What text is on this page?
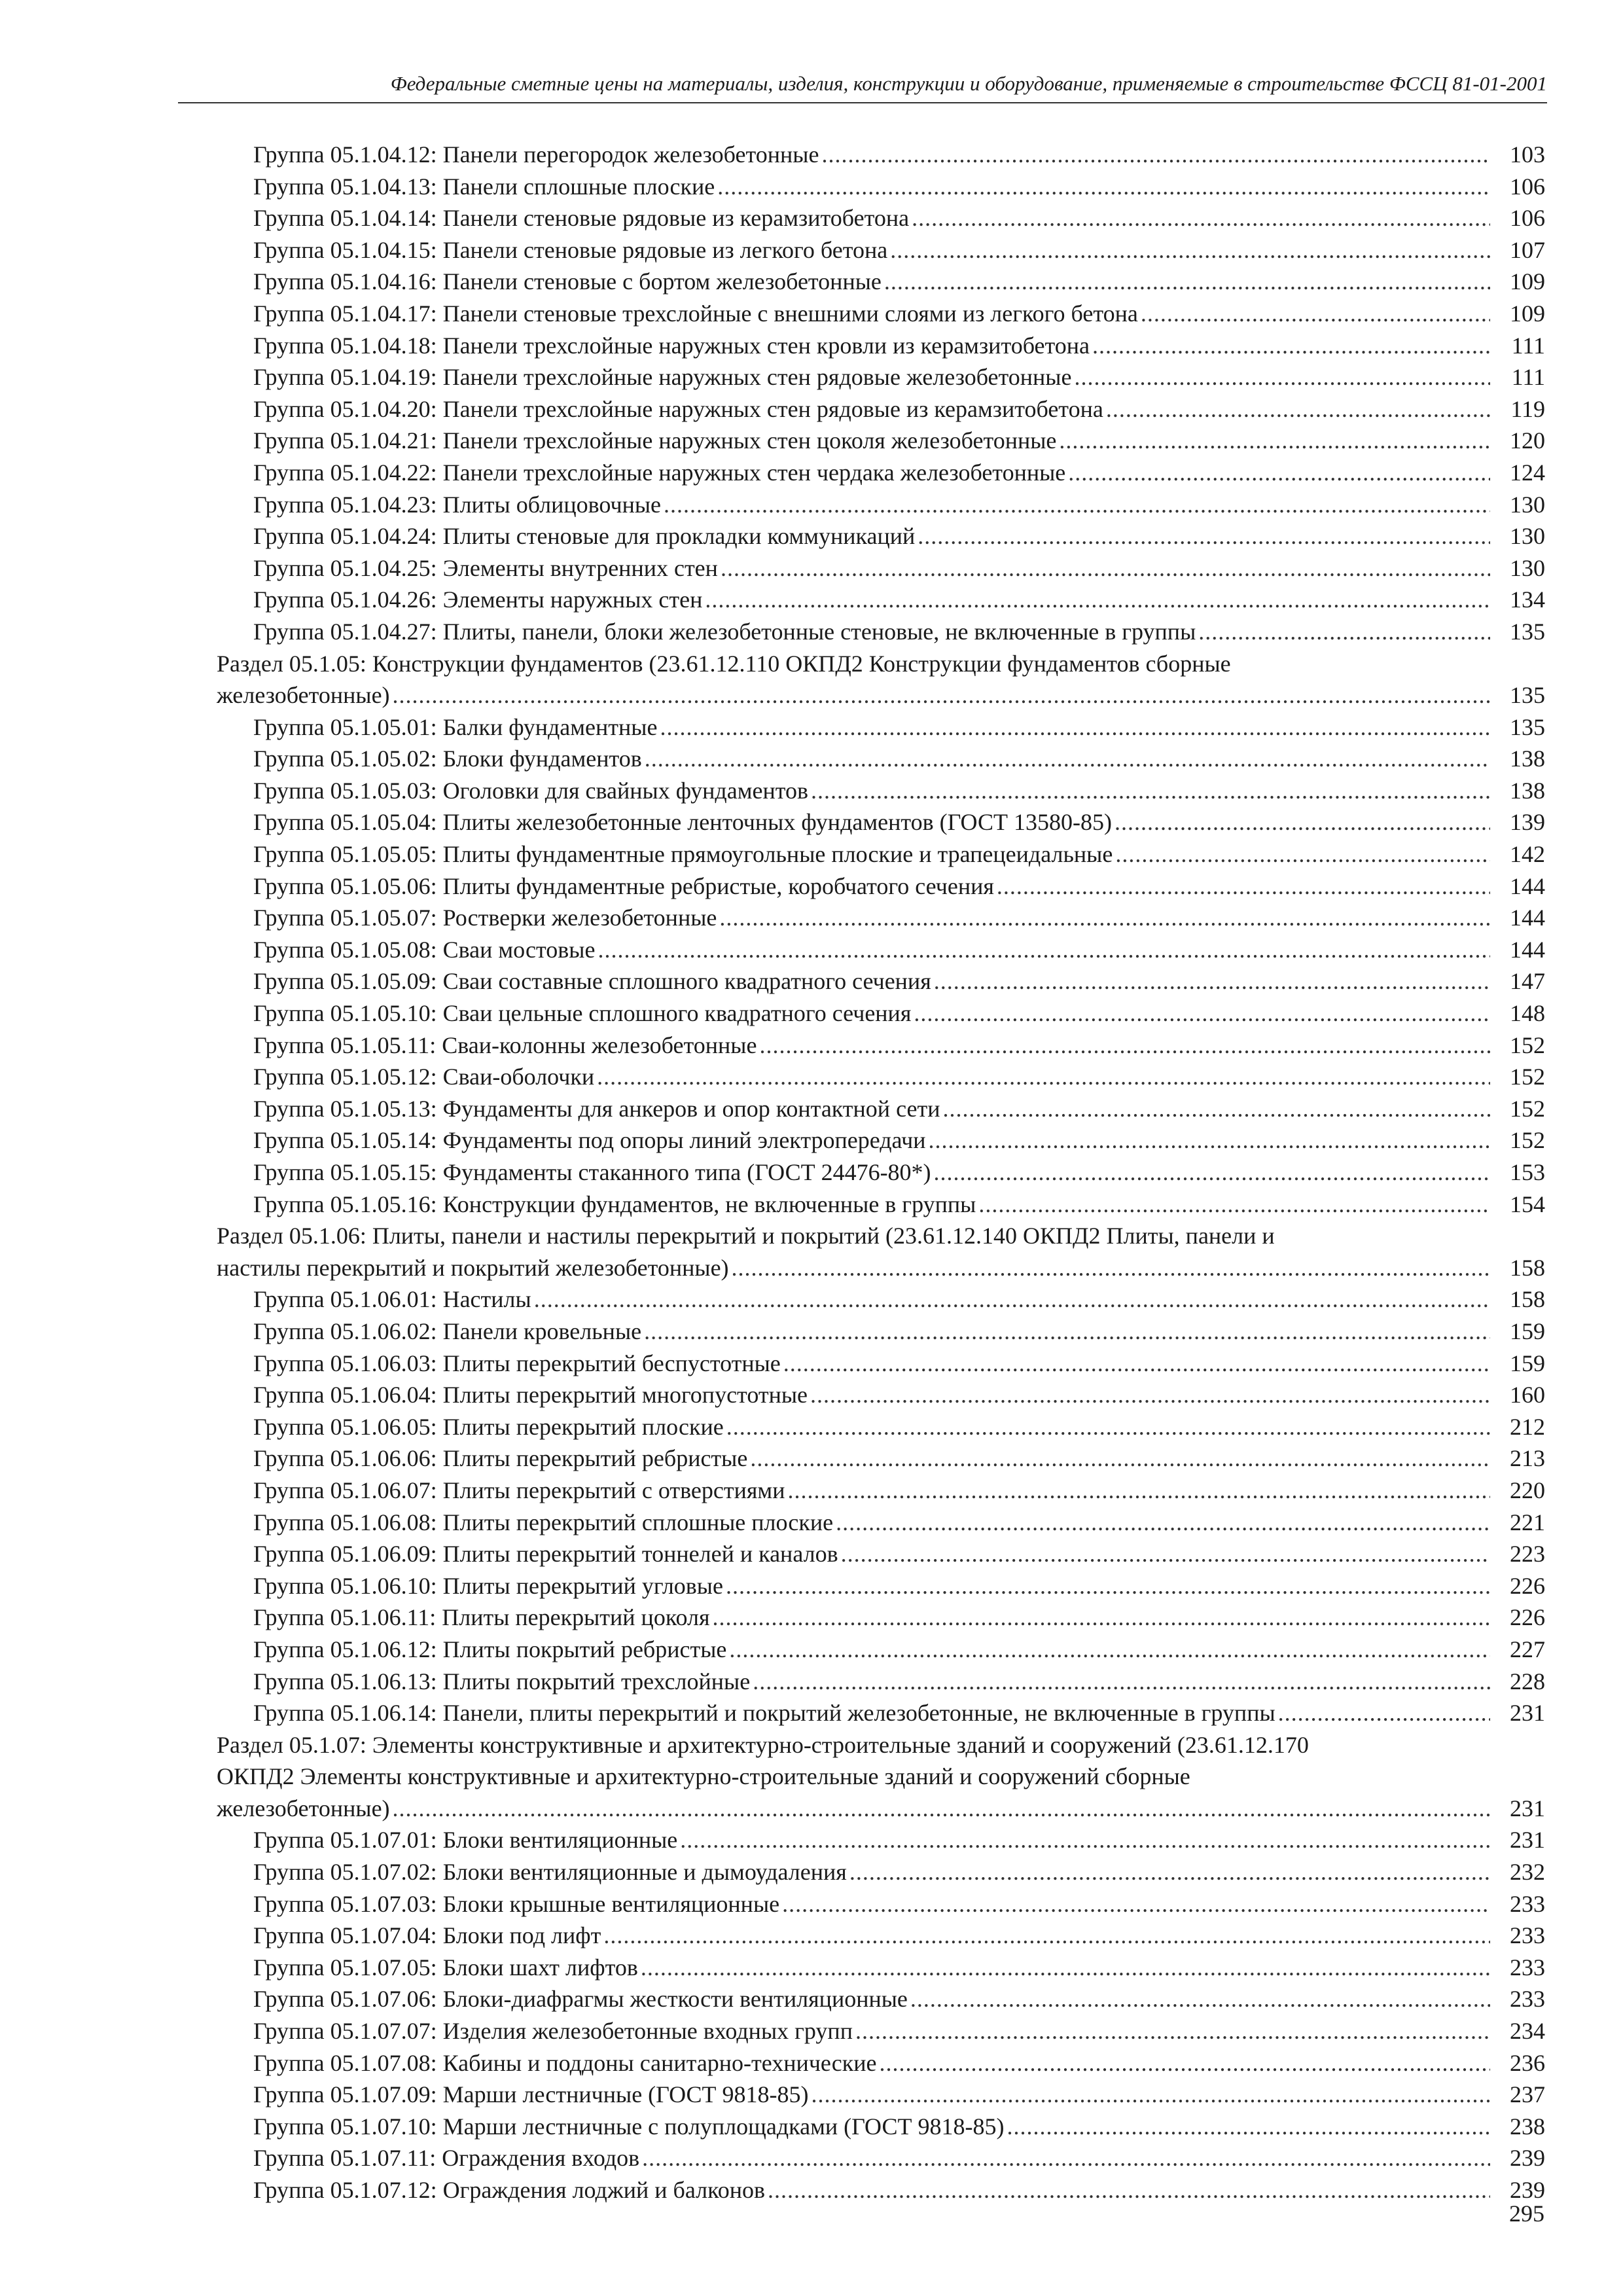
Федеральные сметные цены на материалы, изделия, конструкции и оборудование, применяемые в строительстве ФССЦ 81-01-2001
Группа 05.1.04.12: Панели перегородок железобетонные .....	103
Группа 05.1.04.13: Панели сплошные плоские .....	106
Группа 05.1.04.14: Панели стеновые рядовые из керамзитобетона .....	106
Группа 05.1.04.15: Панели стеновые рядовые из легкого бетона .....	107
Группа 05.1.04.16: Панели стеновые с бортом железобетонные .....	109
Группа 05.1.04.17: Панели стеновые трехслойные с внешними слоями из легкого бетона .....	109
Группа 05.1.04.18: Панели трехслойные наружных стен кровли из керамзитобетона .....	111
Группа 05.1.04.19: Панели трехслойные наружных стен рядовые железобетонные .....	111
Группа 05.1.04.20: Панели трехслойные наружных стен рядовые из керамзитобетона .....	119
Группа 05.1.04.21: Панели трехслойные наружных стен цоколя железобетонные .....	120
Группа 05.1.04.22: Панели трехслойные наружных стен чердака железобетонные .....	124
Группа 05.1.04.23: Плиты облицовочные .....	130
Группа 05.1.04.24: Плиты стеновые для прокладки коммуникаций .....	130
Группа 05.1.04.25: Элементы внутренних стен .....	130
Группа 05.1.04.26: Элементы наружных стен .....	134
Группа 05.1.04.27: Плиты, панели, блоки железобетонные стеновые, не включенные в группы .....	135
Раздел 05.1.05: Конструкции фундаментов (23.61.12.110 ОКПД2 Конструкции фундаментов сборные
железобетонные) .....	135
Группа 05.1.05.01: Балки фундаментные .....	135
Группа 05.1.05.02: Блоки фундаментов .....	138
Группа 05.1.05.03: Оголовки для свайных фундаментов .....	138
Группа 05.1.05.04: Плиты железобетонные ленточных фундаментов (ГОСТ 13580-85) .....	139
Группа 05.1.05.05: Плиты фундаментные прямоугольные плоские и трапецеидальные .....	142
Группа 05.1.05.06: Плиты фундаментные ребристые, коробчатого сечения .....	144
Группа 05.1.05.07: Ростверки железобетонные .....	144
Группа 05.1.05.08: Сваи мостовые .....	144
Группа 05.1.05.09: Сваи составные сплошного квадратного сечения .....	147
Группа 05.1.05.10: Сваи цельные сплошного квадратного сечения .....	148
Группа 05.1.05.11: Сваи-колонны железобетонные .....	152
Группа 05.1.05.12: Сваи-оболочки .....	152
Группа 05.1.05.13: Фундаменты для анкеров и опор контактной сети .....	152
Группа 05.1.05.14: Фундаменты под опоры линий электропередачи .....	152
Группа 05.1.05.15: Фундаменты стаканного типа (ГОСТ 24476-80*) .....	153
Группа 05.1.05.16: Конструкции фундаментов, не включенные в группы .....	154
Раздел 05.1.06: Плиты, панели и настилы перекрытий и покрытий (23.61.12.140 ОКПД2 Плиты, панели и
настилы перекрытий и покрытий железобетонные) .....	158
Группа 05.1.06.01: Настилы .....	158
Группа 05.1.06.02: Панели кровельные .....	159
Группа 05.1.06.03: Плиты перекрытий беспустотные .....	159
Группа 05.1.06.04: Плиты перекрытий многопустотные .....	160
Группа 05.1.06.05: Плиты перекрытий плоские .....	212
Группа 05.1.06.06: Плиты перекрытий ребристые .....	213
Группа 05.1.06.07: Плиты перекрытий с отверстиями .....	220
Группа 05.1.06.08: Плиты перекрытий сплошные плоские .....	221
Группа 05.1.06.09: Плиты перекрытий тоннелей и каналов .....	223
Группа 05.1.06.10: Плиты перекрытий угловые .....	226
Группа 05.1.06.11: Плиты перекрытий цоколя .....	226
Группа 05.1.06.12: Плиты покрытий ребристые .....	227
Группа 05.1.06.13: Плиты покрытий трехслойные .....	228
Группа 05.1.06.14: Панели, плиты перекрытий и покрытий железобетонные, не включенные в группы .....	231
Раздел 05.1.07: Элементы конструктивные и архитектурно-строительные зданий и сооружений (23.61.12.170
ОКПД2 Элементы конструктивные и архитектурно-строительные зданий и сооружений сборные
железобетонные) .....	231
Группа 05.1.07.01: Блоки вентиляционные .....	231
Группа 05.1.07.02: Блоки вентиляционные и дымоудаления .....	232
Группа 05.1.07.03: Блоки крышные вентиляционные .....	233
Группа 05.1.07.04: Блоки под лифт .....	233
Группа 05.1.07.05: Блоки шахт лифтов .....	233
Группа 05.1.07.06: Блоки-диафрагмы жесткости вентиляционные .....	233
Группа 05.1.07.07: Изделия железобетонные входных групп .....	234
Группа 05.1.07.08: Кабины и поддоны санитарно-технические .....	236
Группа 05.1.07.09: Марши лестничные (ГОСТ 9818-85) .....	237
Группа 05.1.07.10: Марши лестничные с полуплощадками (ГОСТ 9818-85) .....	238
Группа 05.1.07.11: Ограждения входов .....	239
Группа 05.1.07.12: Ограждения лоджий и балконов .....	239
295
